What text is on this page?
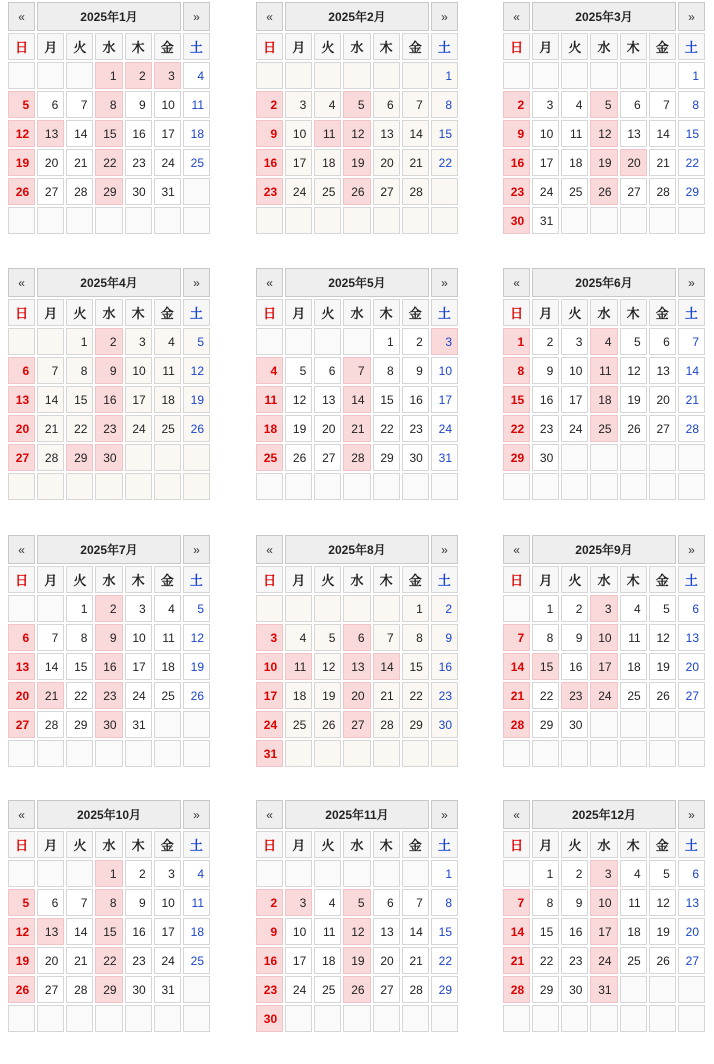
«	2025年1月					»
日	月	火	水	木	金	土
			1	2	3	4
5	6	7	8	9	10	11
12	13	14	15	16	17	18
19	20	21	22	23	24	25
26	27	28	29	30	31	

«	2025年2月					»
日	月	火	水	木	金	土
						1
2	3	4	5	6	7	8
9	10	11	12	13	14	15
16	17	18	19	20	21	22
23	24	25	26	27	28	

«	2025年3月					»
日	月	火	水	木	金	土
						1
2	3	4	5	6	7	8
9	10	11	12	13	14	15
16	17	18	19	20	21	22
23	24	25	26	27	28	29
30	31					
«	2025年4月					»
日	月	火	水	木	金	土
		1	2	3	4	5
6	7	8	9	10	11	12
13	14	15	16	17	18	19
20	21	22	23	24	25	26
27	28	29	30			

«	2025年5月					»
日	月	火	水	木	金	土
				1	2	3
4	5	6	7	8	9	10
11	12	13	14	15	16	17
18	19	20	21	22	23	24
25	26	27	28	29	30	31

«	2025年6月					»
日	月	火	水	木	金	土
1	2	3	4	5	6	7
8	9	10	11	12	13	14
15	16	17	18	19	20	21
22	23	24	25	26	27	28
29	30					

«	2025年7月					»
日	月	火	水	木	金	土
		1	2	3	4	5
6	7	8	9	10	11	12
13	14	15	16	17	18	19
20	21	22	23	24	25	26
27	28	29	30	31		

«	2025年8月					»
日	月	火	水	木	金	土
					1	2
3	4	5	6	7	8	9
10	11	12	13	14	15	16
17	18	19	20	21	22	23
24	25	26	27	28	29	30
31						
«	2025年9月					»
日	月	火	水	木	金	土
	1	2	3	4	5	6
7	8	9	10	11	12	13
14	15	16	17	18	19	20
21	22	23	24	25	26	27
28	29	30				

«	2025年10月					»
日	月	火	水	木	金	土
			1	2	3	4
5	6	7	8	9	10	11
12	13	14	15	16	17	18
19	20	21	22	23	24	25
26	27	28	29	30	31	

«	2025年11月					»
日	月	火	水	木	金	土
						1
2	3	4	5	6	7	8
9	10	11	12	13	14	15
16	17	18	19	20	21	22
23	24	25	26	27	28	29
30						
«	2025年12月					»
日	月	火	水	木	金	土
	1	2	3	4	5	6
7	8	9	10	11	12	13
14	15	16	17	18	19	20
21	22	23	24	25	26	27
28	29	30	31			
